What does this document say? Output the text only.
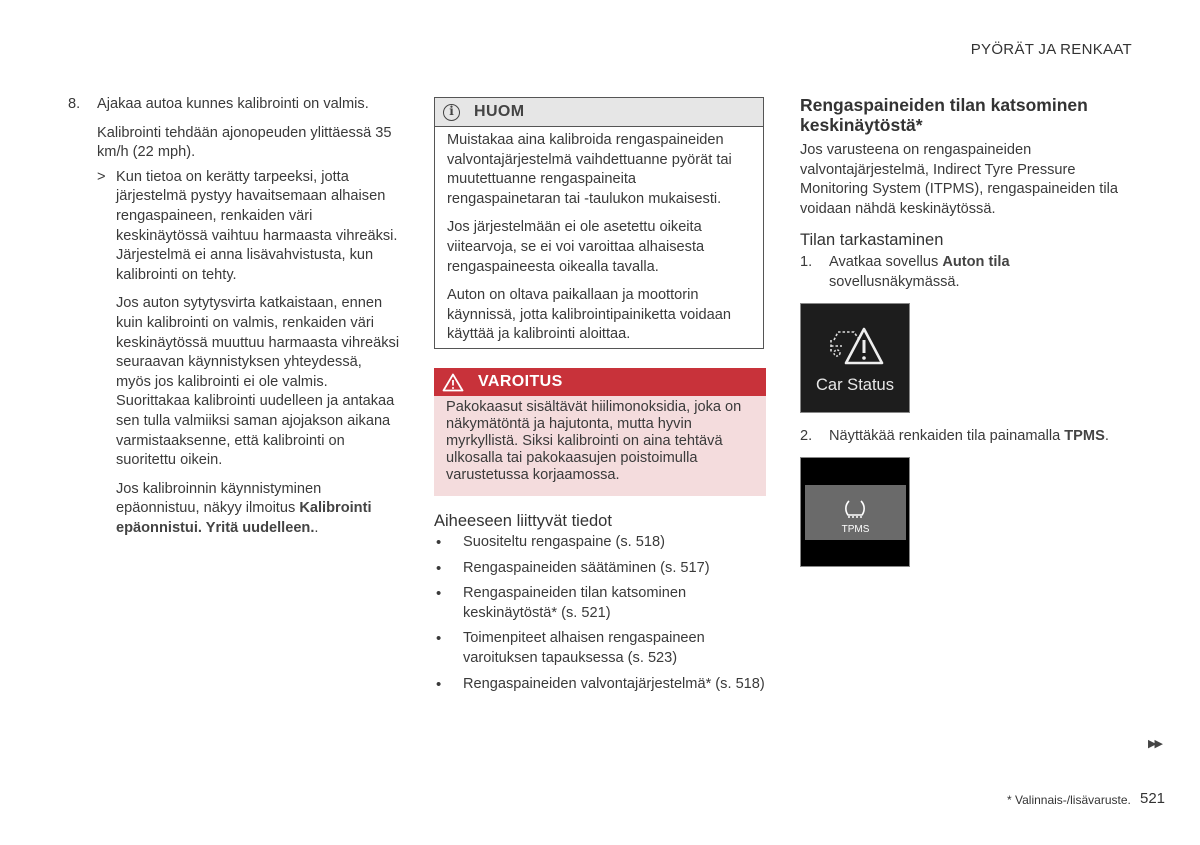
PYÖRÄT JA RENKAAT
8. Ajakaa autoa kunnes kalibrointi on valmis.

Kalibrointi tehdään ajonopeuden ylittäessä 35 km/h (22 mph).

> Kun tietoa on kerätty tarpeeksi, jotta järjestelmä pystyy havaitsemaan alhaisen rengaspaineen, renkaiden väri keskinäytössä vaihtuu harmaasta vihreäksi. Järjestelmä ei anna lisävahvistusta, kun kalibrointi on tehty.

Jos auton sytytysvirta katkaistaan, ennen kuin kalibrointi on valmis, renkaiden väri keskinäytössä muuttuu harmaasta vihreäksi seuraavan käynnistyksen yhteydessä, myös jos kalibrointi ei ole valmis. Suorittakaa kalibrointi uudelleen ja antakaa sen tulla valmiiksi saman ajojakson aikana varmistaaksenne, että kalibrointi on suoritettu oikein.

Jos kalibroinnin käynnistyminen epäonnistuu, näkyy ilmoitus Kalibrointi epäonnistui. Yritä uudelleen..

i	HUOM

Muistakaa aina kalibroida rengaspaineiden valvontajärjestelmä vaihdettuanne pyörät tai muutettuanne rengaspaineita rengaspainetaran tai -taulukon mukaisesti.

Jos järjestelmään ei ole asetettu oikeita viitearvoja, se ei voi varoittaa alhaisesta rengaspaineesta oikealla tavalla.

Auton on oltava paikallaan ja moottorin käynnissä, jotta kalibrointipainiketta voidaan käyttää ja kalibrointi aloittaa.

VAROITUS
Pakokaasut sisältävät hiilimonoksidia, joka on näkymätöntä ja hajutonta, mutta hyvin myrkyllistä. Siksi kalibrointi on aina tehtävä ulkosalla tai pakokaasujen poistoimulla varustetussa korjaamossa.
Aiheeseen liittyvät tiedot
• Suositeltu rengaspaine (s. 518)
• Rengaspaineiden säätäminen (s. 517)
• Rengaspaineiden tilan katsominen keskinäytöstä* (s. 521)
• Toimenpiteet alhaisen rengaspaineen varoituksen tapauksessa (s. 523)
• Rengaspaineiden valvontajärjestelmä* (s. 518)
Rengaspaineiden tilan katsominen keskinäytöstä*

Jos varusteena on rengaspaineiden valvontajärjestelmä, Indirect Tyre Pressure Monitoring System (ITPMS), rengaspaineiden tila voidaan nähdä keskinäytössä.

Tilan tarkastaminen
1. Avatkaa sovellus Auton tila sovellusnäkymässä.

Car Status
2. Näyttäkää renkaiden tila painamalla TPMS.

TPMS
▶▶
* Valinnais-/lisävaruste. 521
